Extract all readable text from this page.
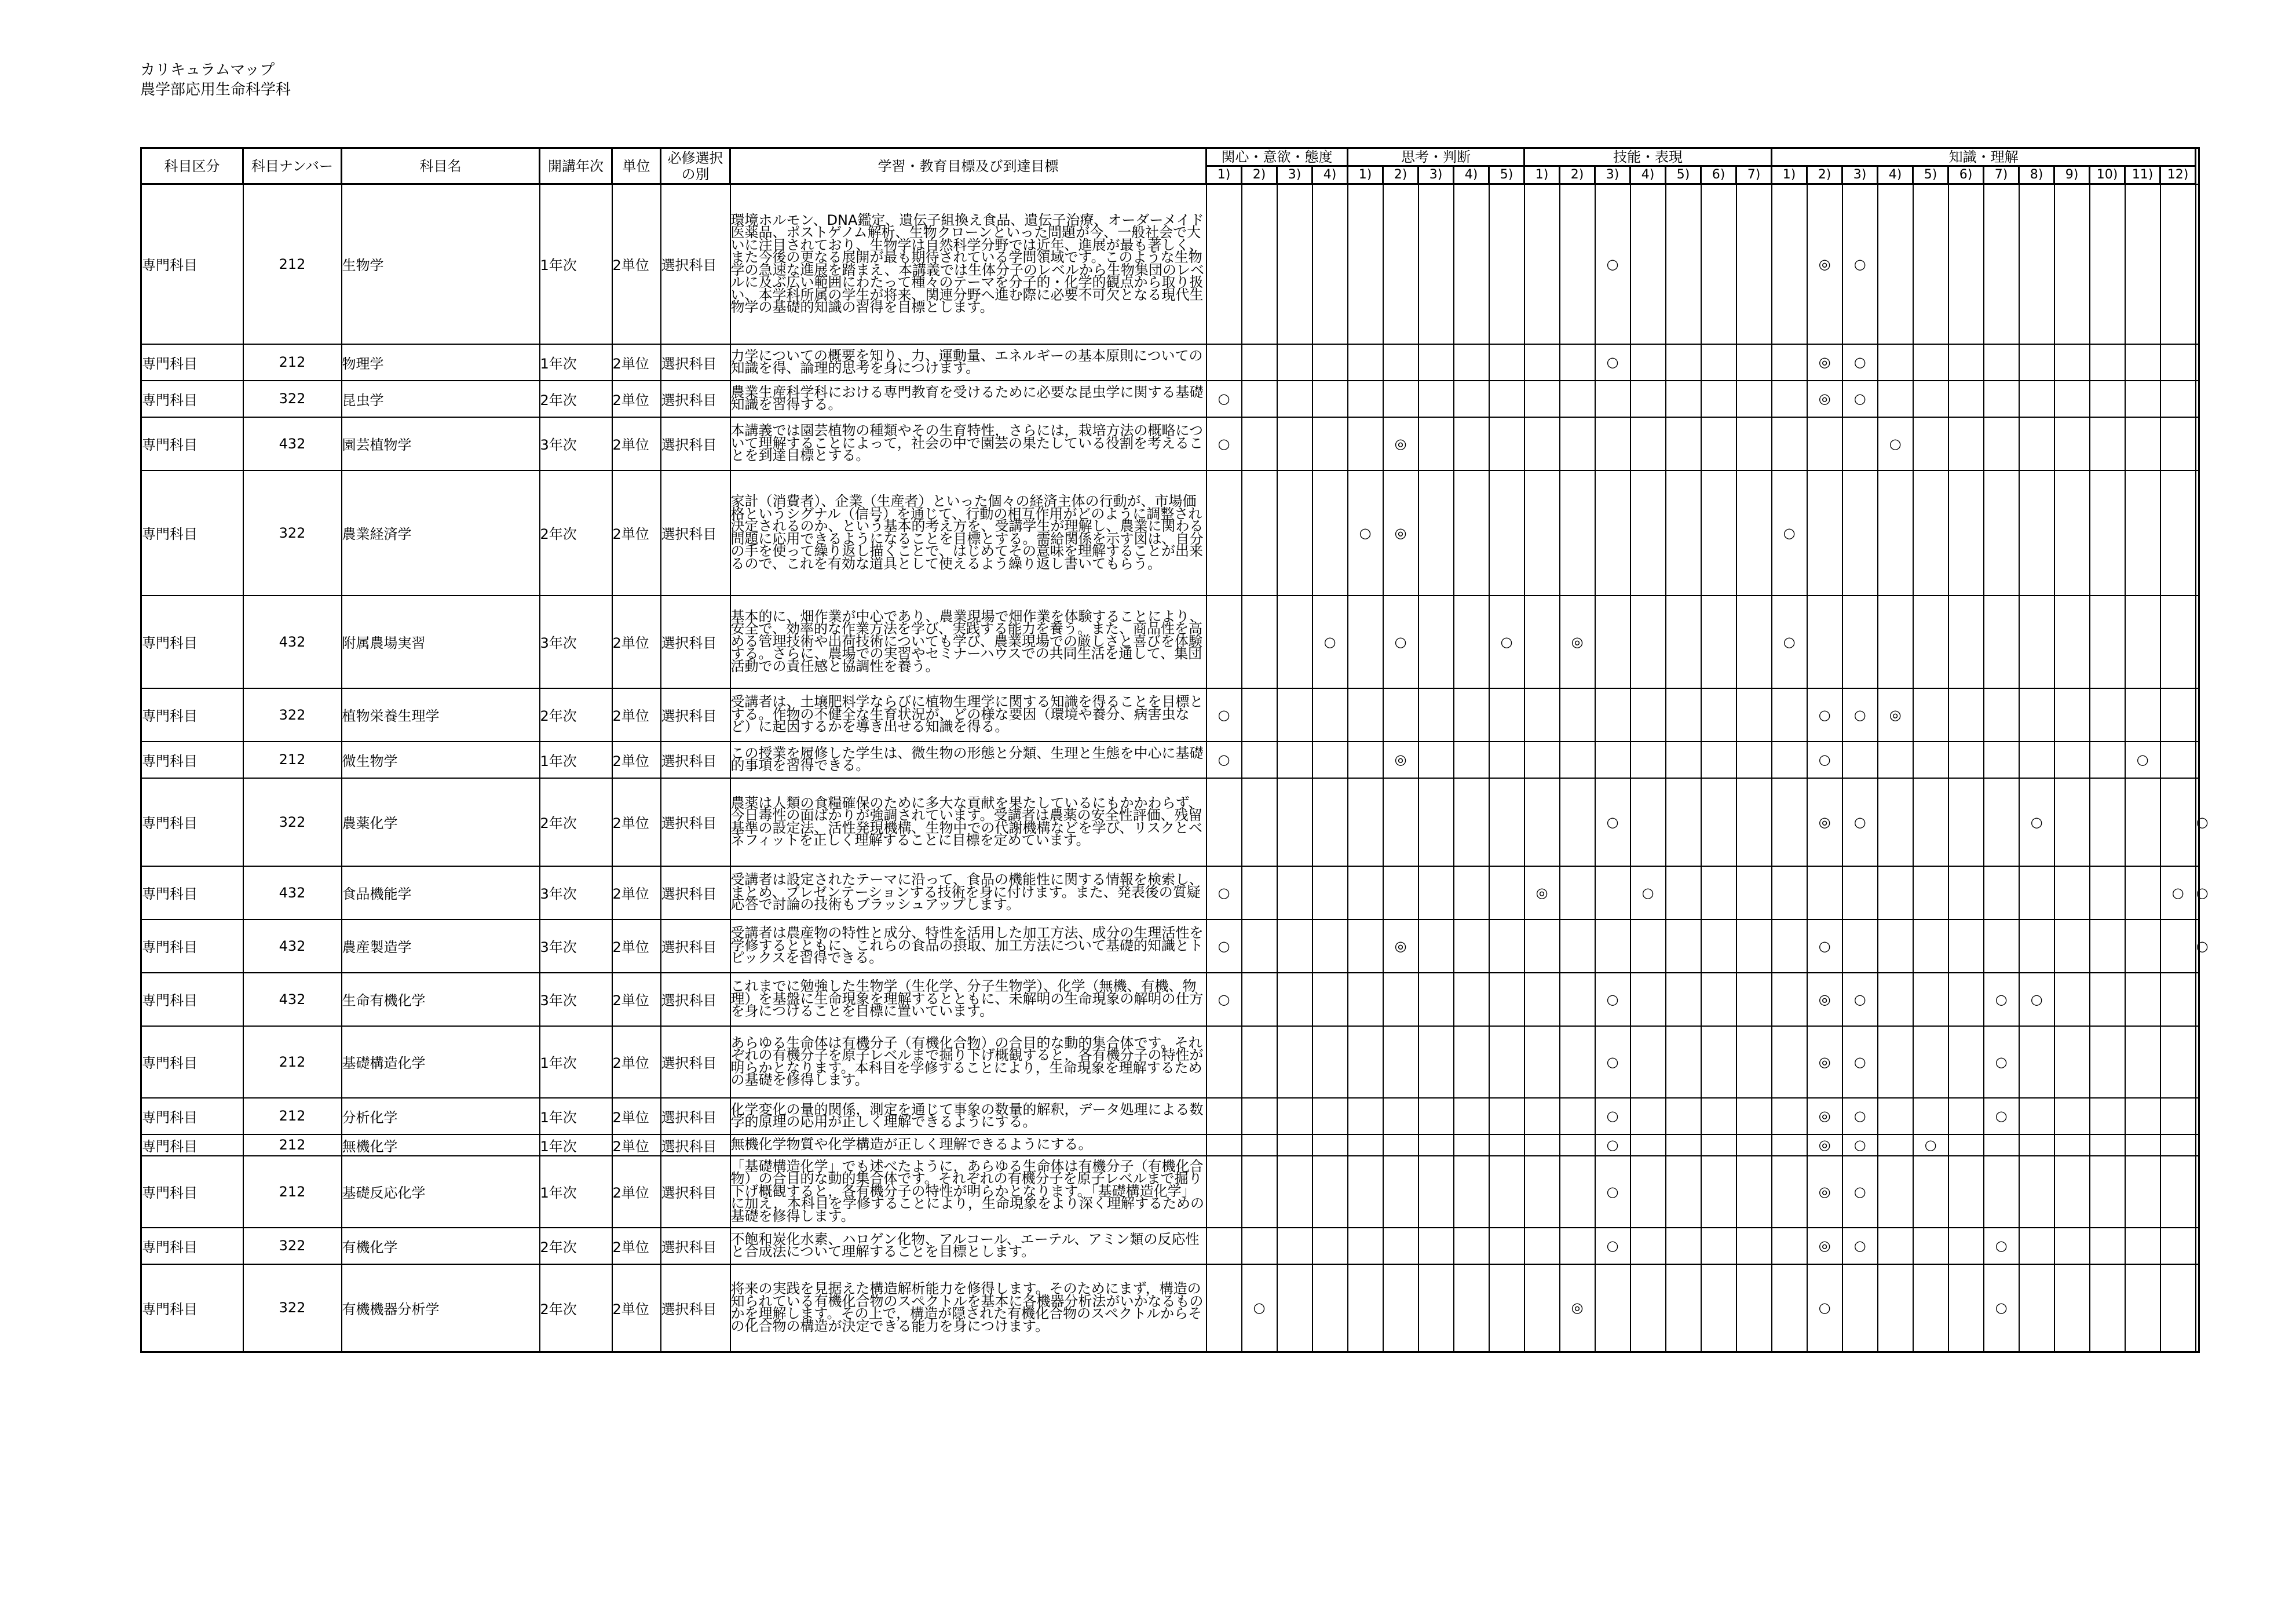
カリキュラムマップ
農学部応用生命科学科
科目区分	科目ナンバー	科目名	開講年次	単位	必修選択の別	学習・教育目標及び到達目標	関心・意欲・態度				思考・判断					技能・表現							知識・理解												
							1)	2)	3)	4)	1)	2)	3)	4)	5)	1)	2)	3)	4)	5)	6)	7)	1)	2)	3)	4)	5)	6)	7)	8)	9)	10)	11)	12)	
専門科目	212	生物学	1年次	2単位	選択科目	環境ホルモン、DNA鑑定、遺伝子組換え食品、遺伝子治療、オーダーメイド医薬品、ポストゲノム解析、生物クローンといった問題が今、一般社会で大いに注目されており、生物学は自然科学分野では近年、進展が最も著しく、また今後の更なる展開が最も期待されている学問領域です。このような生物学の急速な進展を踏まえ、本講義では生体分子のレベルから生物集団のレベルに及ぶ広い範囲にわたって種々のテーマを分子的・化学的観点から取り扱い、本学科所属の学生が将来、関連分野へ進む際に必要不可欠となる現代生物学の基礎的知識の習得を目標とします。												○						◎	○										
専門科目	212	物理学	1年次	2単位	選択科目	力学についての概要を知り、力、運動量、エネルギーの基本原則についての知識を得、論理的思考を身につけます。												○						◎	○										
専門科目	322	昆虫学	2年次	2単位	選択科目	農業生産科学科における専門教育を受けるために必要な昆虫学に関する基礎知識を習得する。	○																	◎	○										
専門科目	432	園芸植物学	3年次	2単位	選択科目	本講義では園芸植物の種類やその生育特性，さらには，栽培方法の概略について理解することによって，社会の中で園芸の果たしている役割を考えることを到達目標とする。	○					◎														○									
専門科目	322	農業経済学	2年次	2単位	選択科目	家計（消費者）、企業（生産者）といった個々の経済主体の行動が、市場価格というシグナル（信号）を通じて、行動の相互作用がどのように調整され決定されるのか、という基本的考え方を、受講学生が理解し、農業に関わる問題に応用できるようになることを目標とする。需給関係を示す図は、自分の手を使って繰り返し描くことで、はじめてその意味を理解することが出来るので、これを有効な道具として使えるよう繰り返し書いてもらう。					○	◎											○												
専門科目	432	附属農場実習	3年次	2単位	選択科目	基本的に、畑作業が中心であり、農業現場で畑作業を体験することにより、安全で、効率的な作業方法を学び、実践する能力を養う。また、商品性を高める管理技術や出荷技術についても学び、農業現場での厳しさと喜びを体験する。さらに、農場での実習やセミナーハウスでの共同生活を通して、集団活動での責任感と協調性を養う。				○		○			○		◎						○												
専門科目	322	植物栄養生理学	2年次	2単位	選択科目	受講者は、土壌肥料学ならびに植物生理学に関する知識を得ることを目標とする。作物の不健全な生育状況が、どの様な要因（環境や養分、病害虫など）に起因するかを導き出せる知識を得る。	○																	○	○	◎									
専門科目	212	微生物学	1年次	2単位	選択科目	この授業を履修した学生は、微生物の形態と分類、生理と生態を中心に基礎的事項を習得できる。	○					◎												○									○		
専門科目	322	農薬化学	2年次	2単位	選択科目	農薬は人類の食糧確保のために多大な貢献を果たしているにもかかわらず、今日毒性の面ばかりが強調されています。受講者は農薬の安全性評価、残留基準の設定法、活性発現機構、生物中での代謝機構などを学び、リスクとベネフィットを正しく理解することに目標を定めています。												○						◎	○					○					○
専門科目	432	食品機能学	3年次	2単位	選択科目	受講者は設定されたテーマに沿って、食品の機能性に関する情報を検索し、まとめ、プレゼンテーションする技術を身に付けます。また、発表後の質疑応答で討論の技術もブラッシュアップします。	○									◎			○															○	○
専門科目	432	農産製造学	3年次	2単位	選択科目	受講者は農産物の特性と成分、特性を活用した加工方法、成分の生理活性を学修するとともに、これらの食品の摂取、加工方法について基礎的知識とトピックスを習得できる。	○					◎												○											○
専門科目	432	生命有機化学	3年次	2単位	選択科目	これまでに勉強した生物学（生化学、分子生物学）、化学（無機、有機、物理）を基盤に生命現象を理解するとともに、未解明の生命現象の解明の仕方を身につけることを目標に置いています。	○											○						◎	○				○	○					
専門科目	212	基礎構造化学	1年次	2単位	選択科目	あらゆる生命体は有機分子（有機化合物）の合目的な動的集合体です。それぞれの有機分子を原子レベルまで掘り下げ概観すると，各有機分子の特性が明らかとなります。本科目を学修することにより，生命現象を理解するための基礎を修得します。												○						◎	○				○						
専門科目	212	分析化学	1年次	2単位	選択科目	化学変化の量的関係，測定を通じて事象の数量的解釈，データ処理による数学的原理の応用が正しく理解できるようにする。												○						◎	○				○						
専門科目	212	無機化学	1年次	2単位	選択科目	無機化学物質や化学構造が正しく理解できるようにする。												○						◎	○		○								
専門科目	212	基礎反応化学	1年次	2単位	選択科目	「基礎構造化学」でも述べたように，あらゆる生命体は有機分子（有機化合物）の合目的な動的集合体です。それぞれの有機分子を原子レベルまで掘り下げ概観すると，各有機分子の特性が明らかとなります。「基礎構造化学」に加え，本科目を学修することにより，生命現象をより深く理解するための基礎を修得します。												○						◎	○										
専門科目	322	有機化学	2年次	2単位	選択科目	不飽和炭化水素、ハロゲン化物、アルコール、エーテル、アミン類の反応性と合成法について理解することを目標とします。												○						◎	○				○						
専門科目	322	有機機器分析学	2年次	2単位	選択科目	将来の実践を見据えた構造解析能力を修得します。そのためにまず，構造の知られている有機化合物のスペクトルを基本に各機器分析法がいかなるものかを理解します。その上で，構造が隠された有機化合物のスペクトルからその化合物の構造が決定できる能力を身につけます。		○									◎							○					○						
